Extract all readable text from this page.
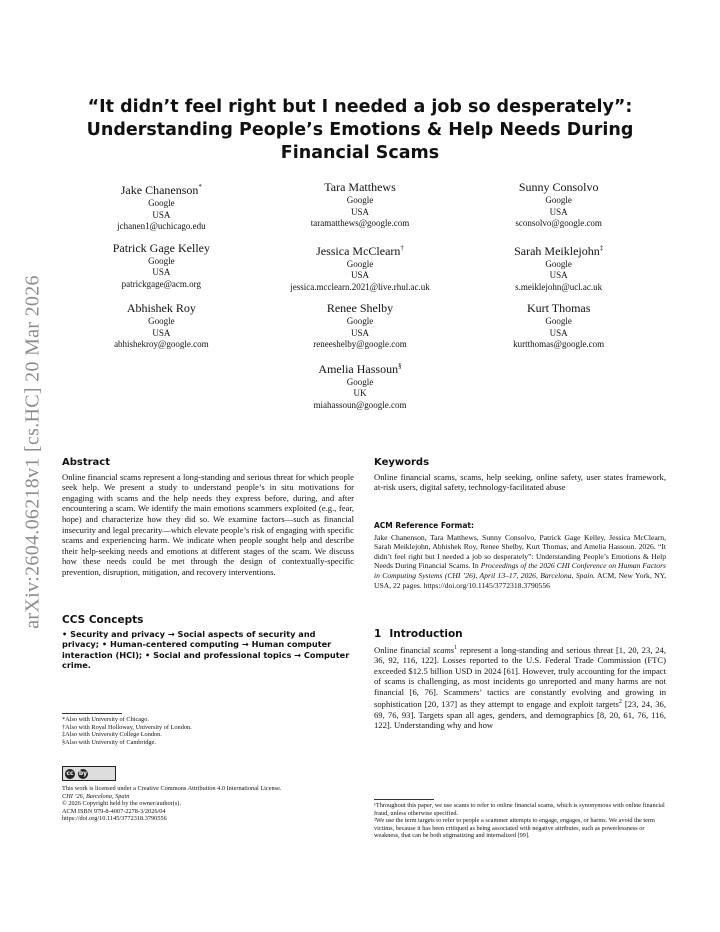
arXiv:2604.06218v1 [cs.HC] 20 Mar 2026
“It didn’t feel right but I needed a job so desperately”: Understanding People’s Emotions & Help Needs During Financial Scams
Jake Chanenson*
Google
USA
jchanen1@uchicago.edu
Tara Matthews
Google
USA
taramatthews@google.com
Sunny Consolvo
Google
USA
sconsolvo@google.com
Patrick Gage Kelley
Google
USA
patrickgage@acm.org
Jessica McClearn†
Google
USA
jessica.mcclearn.2021@live.rhul.ac.uk
Sarah Meiklejohn‡
Google
USA
s.meiklejohn@ucl.ac.uk
Abhishek Roy
Google
USA
abhishekroy@google.com
Renee Shelby
Google
USA
reneeshelby@google.com
Kurt Thomas
Google
USA
kurtthomas@google.com
Amelia Hassoun§
Google
UK
miahassoun@google.com
Abstract

Online financial scams represent a long-standing and serious threat for which people seek help. We present a study to understand people’s in situ motivations for engaging with scams and the help needs they express before, during, and after encountering a scam. We identify the main emotions scammers exploited (e.g., fear, hope) and characterize how they did so. We examine factors—such as financial insecurity and legal precarity—which elevate people’s risk of engaging with specific scams and experiencing harm. We indicate when people sought help and describe their help-seeking needs and emotions at different stages of the scam. We discuss how these needs could be met through the design of contextually-specific prevention, disruption, mitigation, and recovery interventions.

CCS Concepts

• Security and privacy → Social aspects of security and privacy; • Human-centered computing → Human computer interaction (HCI); • Social and professional topics → Computer crime.

*Also with University of Chicago.
†Also with Royal Holloway, University of London.
‡Also with University College London.
§Also with University of Cambridge.
cc by
This work is licensed under a Creative Commons Attribution 4.0 International License.
CHI ’26, Barcelona, Spain
© 2026 Copyright held by the owner/author(s).
ACM ISBN 979-8-4007-2278-3/2026/04
https://doi.org/10.1145/3772318.3790556
Keywords

Online financial scams, scams, help seeking, online safety, user states framework, at-risk users, digital safety, technology-facilitated abuse

ACM Reference Format:

Jake Chanenson, Tara Matthews, Sunny Consolvo, Patrick Gage Kelley, Jessica McClearn, Sarah Meiklejohn, Abhishek Roy, Renee Shelby, Kurt Thomas, and Amelia Hassoun. 2026. “It didn’t feel right but I needed a job so desperately”: Understanding People’s Emotions & Help Needs During Financial Scams. In Proceedings of the 2026 CHI Conference on Human Factors in Computing Systems (CHI ’26), April 13–17, 2026, Barcelona, Spain. ACM, New York, NY, USA, 22 pages. https://doi.org/10.1145/3772318.3790556

1 Introduction

Online financial scams$^1$ represent a long-standing and serious threat [1, 20, 23, 24, 36, 92, 116, 122]. Losses reported to the U.S. Federal Trade Commission (FTC) exceeded $12.5 billion USD in 2024 [61]. However, truly accounting for the impact of scams is challenging, as most incidents go unreported and many harms are not financial [6, 76]. Scammers’ tactics are constantly evolving and growing in sophistication [20, 137] as they attempt to engage and exploit targets$^2$ [23, 24, 36, 69, 76, 93]. Targets span all ages, genders, and demographics [8, 20, 61, 76, 116, 122]. Understanding why and how

¹Throughout this paper, we use scams to refer to online financial scams, which is synonymous with online financial fraud, unless otherwise specified.
²We use the term targets to refer to people a scammer attempts to engage, engages, or harms. We avoid the term victims, because it has been critiqued as being associated with negative attributes, such as powerlessness or weakness, that can be both stigmatizing and internalized [99].
